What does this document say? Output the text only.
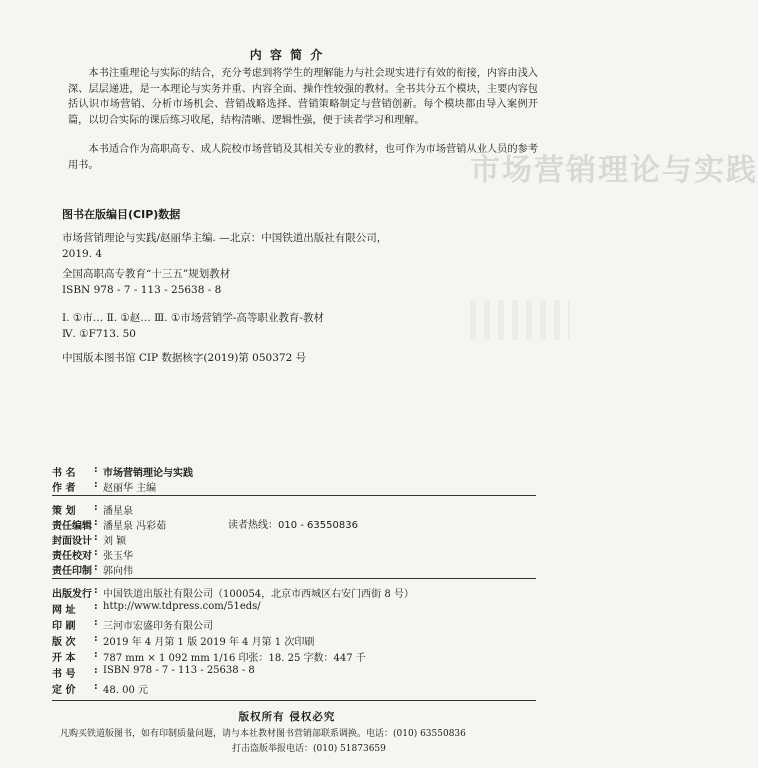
市场营销理论与实践
内 容 简 介
本书注重理论与实际的结合，充分考虑到将学生的理解能力与社会现实进行有效的衔接，内容由浅入深、层层递进，是一本理论与实务并重、内容全面、操作性较强的教材。全书共分五个模块，主要内容包括认识市场营销、分析市场机会、营销战略选择、营销策略制定与营销创新。每个模块都由导入案例开篇，以切合实际的课后练习收尾，结构清晰、逻辑性强，便于读者学习和理解。
本书适合作为高职高专、成人院校市场营销及其相关专业的教材，也可作为市场营销从业人员的参考用书。
图书在版编目(CIP)数据
市场营销理论与实践/赵丽华主编. —北京：中国铁道出版社有限公司，
2019. 4
全国高职高专教育“十三五”规划教材
ISBN 978 - 7 - 113 - 25638 - 8
Ⅰ. ①市… Ⅱ. ①赵… Ⅲ. ①市场营销学-高等职业教育-教材
Ⅳ. ①F713. 50
中国版本图书馆 CIP 数据核字(2019)第 050372 号
书 名 : 市场营销理论与实践
作 者 : 赵丽华 主编
策 划 : 潘星泉
读者热线：010 - 63550836
责任编辑 : 潘星泉 冯彩茹
封面设计 : 刘 颖
责任校对 : 张玉华
责任印制 : 郭向伟
出版发行 : 中国铁道出版社有限公司（100054，北京市西城区右安门西街 8 号）
网 址 : http://www.tdpress.com/51eds/
印 刷 : 三河市宏盛印务有限公司
版 次 : 2019 年 4 月第 1 版 2019 年 4 月第 1 次印刷
开 本 : 787 mm × 1 092 mm 1/16 印张：18. 25 字数：447 千
书 号 : ISBN 978 - 7 - 113 - 25638 - 8
定 价 : 48. 00 元
版权所有 侵权必究
凡购买铁道版图书，如有印制质量问题，请与本社教材图书营销部联系调换。电话：(010) 63550836
打击盗版举报电话：(010) 51873659
